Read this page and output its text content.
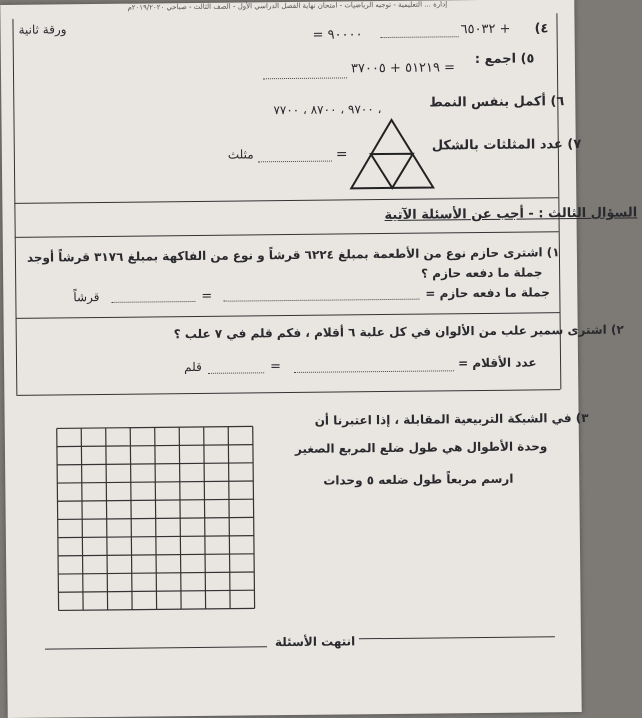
إدارة ... التعليمية - توجيه الرياضيات - امتحان نهاية الفصل الدراسي الأول - الصف الثالث - صباحي ٢٠١٩/٢٠٢٠م
ورقة ثانية	٤)
٦٥٠٣٢ +
= ٩٠٠٠٠
٥) اجمع :
٥١٢١٩ + ٣٧٠٠٥ =
٦) أكمل بنفس النمط
٩٧٠٠ ، ٨٧٠٠ ، ٧٧٠٠ ،
٧) عدد المثلثات بالشكل
=
مثلث
السؤال الثالث : - أجب عن الأسئلة الآتية
١) اشترى حازم نوع من الأطعمة بمبلغ ٦٢٢٤ قرشاً و نوع من الفاكهة بمبلغ ٣١٧٦ قرشاً أوجد
جملة ما دفعه حازم ؟
جملة ما دفعه حازم =
=
قرشاً
٢) اشترى سمير علب من الألوان في كل علبة ٦ أقلام ، فكم قلم في ٧ علب ؟
عدد الأقلام =
=
قلم
٣) في الشبكة التربيعية المقابلة ، إذا اعتبرنا أن
وحدة الأطوال هي طول ضلع المربع الصغير
ارسم مربعاً طول ضلعه ٥ وحدات
انتهت الأسئلة
